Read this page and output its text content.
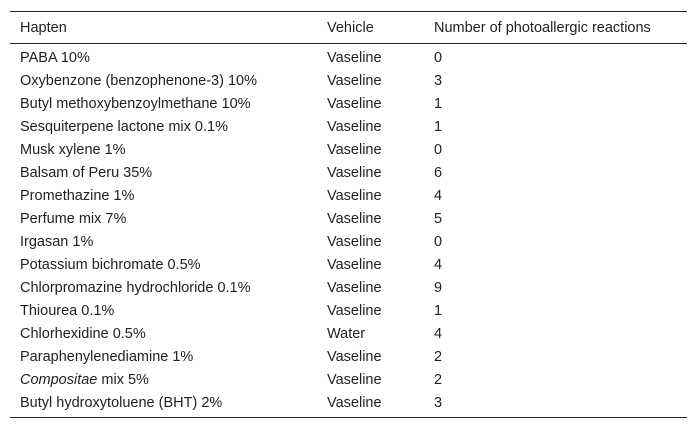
Hapten	Vehicle	Number of photoallergic reactions
PABA 10%	Vaseline	0
Oxybenzone (benzophenone-3) 10%	Vaseline	3
Butyl methoxybenzoylmethane 10%	Vaseline	1
Sesquiterpene lactone mix 0.1%	Vaseline	1
Musk xylene 1%	Vaseline	0
Balsam of Peru 35%	Vaseline	6
Promethazine 1%	Vaseline	4
Perfume mix 7%	Vaseline	5
Irgasan 1%	Vaseline	0
Potassium bichromate 0.5%	Vaseline	4
Chlorpromazine hydrochloride 0.1%	Vaseline	9
Thiourea 0.1%	Vaseline	1
Chlorhexidine 0.5%	Water	4
Paraphenylenediamine 1%	Vaseline	2
Compositae mix 5%	Vaseline	2
Butyl hydroxytoluene (BHT) 2%	Vaseline	3
